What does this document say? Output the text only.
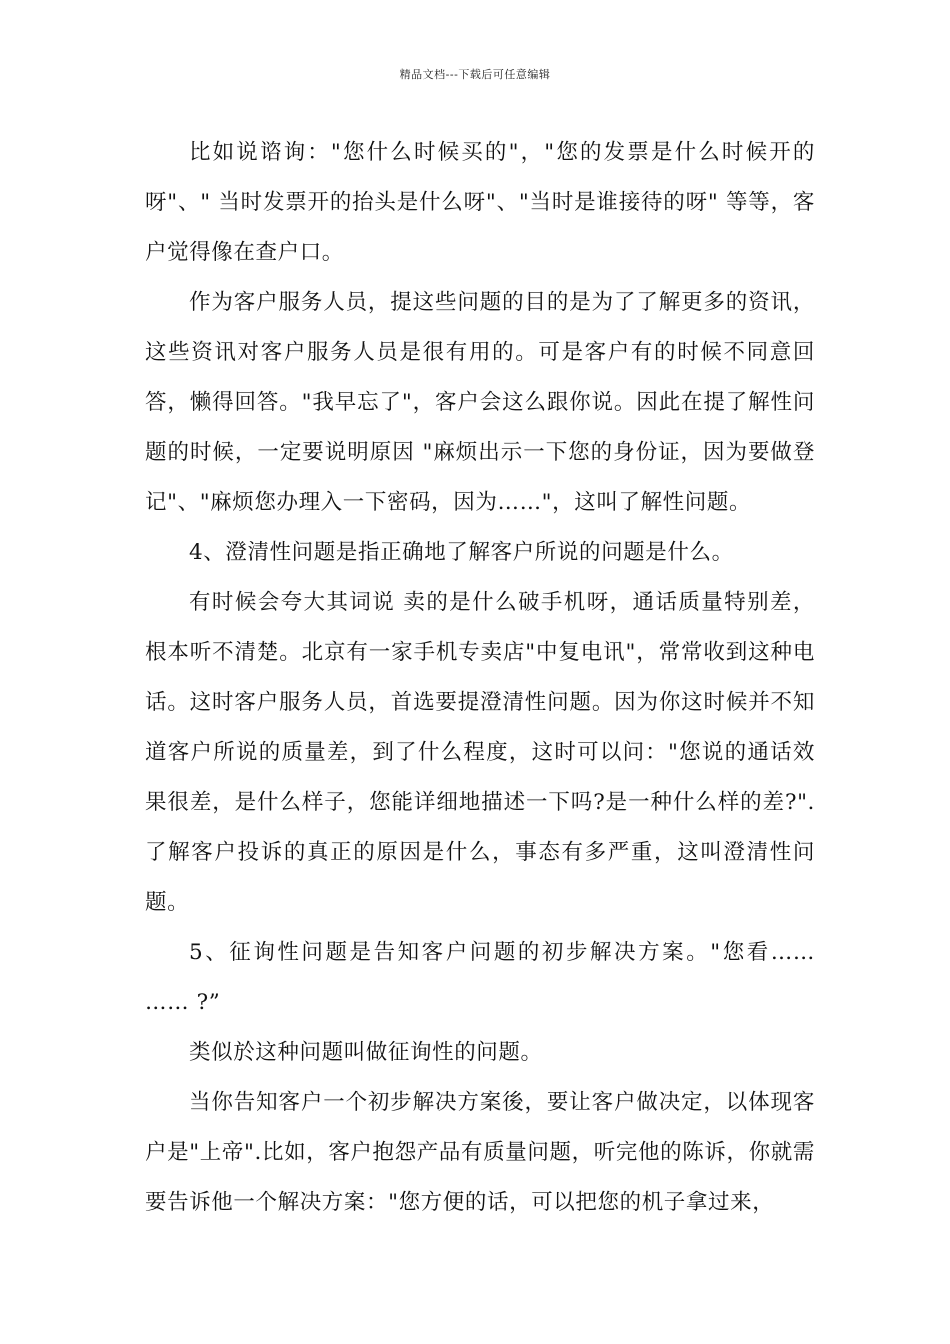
精品文档---下载后可任意编辑

比如说谘询："您什么时候买的"，"您的发票是什么时候开的呀"、" 当时发票开的抬头是什么呀"、"当时是谁接待的呀" 等等，客户觉得像在查户口。

作为客户服务人员，提这些问题的目的是为了了解更多的资讯，这些资讯对客户服务人员是很有用的。可是客户有的时候不同意回答，懒得回答。"我早忘了"，客户会这么跟你说。因此在提了解性问题的时候，一定要说明原因 "麻烦出示一下您的身份证，因为要做登记"、"麻烦您办理入一下密码，因为……"，这叫了解性问题。

4、澄清性问题是指正确地了解客户所说的问题是什么。

有时候会夸大其词说 卖的是什么破手机呀，通话质量特别差，根本听不清楚。北京有一家手机专卖店"中复电讯"，常常收到这种电话。这时客户服务人员，首选要提澄清性问题。因为你这时候并不知道客户所说的质量差，到了什么程度，这时可以问："您说的通话效果很差，是什么样子，您能详细地描述一下吗?是一种什么样的差?".了解客户投诉的真正的原因是什么，事态有多严重，这叫澄清性问题。

5、征询性问题是告知客户问题的初步解决方案。"您看…… …… ?”

类似於这种问题叫做征询性的问题。

当你告知客户一个初步解决方案後，要让客户做决定，以体现客户是"上帝".比如，客户抱怨产品有质量问题，听完他的陈诉，你就需要告诉他一个解决方案："您方便的话，可以把您的机子拿过来，
